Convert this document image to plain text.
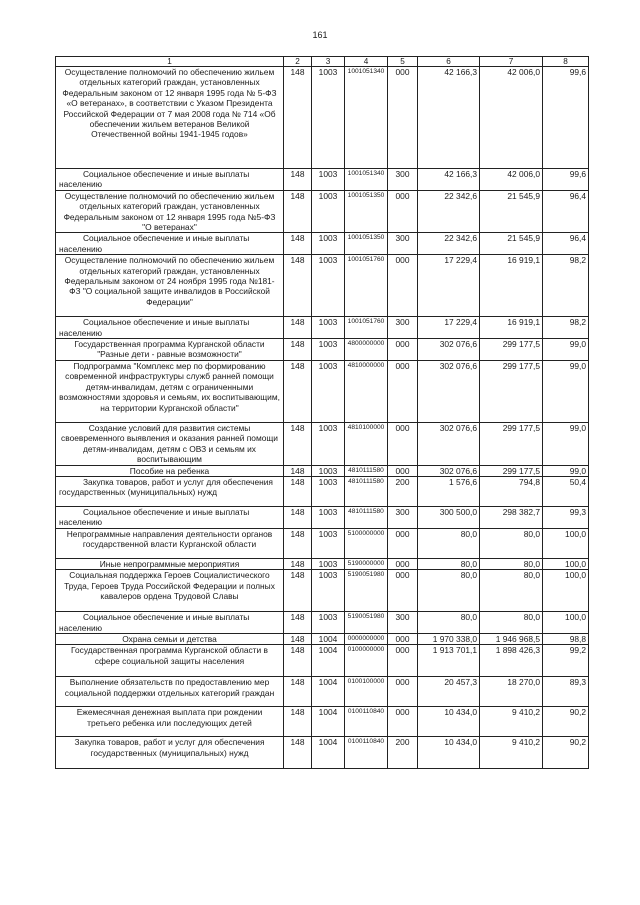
161
1	2	3	4	5	6	7	8
Осуществление полномочий по обеспечению жильем отдельных категорий граждан, установленных Федеральным законом от 12 января 1995 года № 5-ФЗ «О ветеранах», в соответствии с Указом Президента Российской Федерации от 7 мая 2008 года № 714 «Об обеспечении жильем ветеранов Великой Отечественной войны 1941-1945 годов»	148	1003	1001051340	000	42 166,3	42 006,0	99,6
Социальное обеспечение и иные выплаты населению	148	1003	1001051340	300	42 166,3	42 006,0	99,6
Осуществление полномочий по обеспечению жильем отдельных категорий граждан, установленных Федеральным законом от 12 января 1995 года №5-ФЗ "О ветеранах"	148	1003	1001051350	000	22 342,6	21 545,9	96,4
Социальное обеспечение и иные выплаты населению	148	1003	1001051350	300	22 342,6	21 545,9	96,4
Осуществление полномочий по обеспечению жильем отдельных категорий граждан, установленных Федеральным законом от 24 ноября 1995 года №181-ФЗ "О социальной защите инвалидов в Российской Федерации"	148	1003	1001051760	000	17 229,4	16 919,1	98,2
Социальное обеспечение и иные выплаты населению	148	1003	1001051760	300	17 229,4	16 919,1	98,2
Государственная программа Курганской области "Разные дети - равные возможности"	148	1003	4800000000	000	302 076,6	299 177,5	99,0
Подпрограмма "Комплекс мер по формированию современной инфраструктуры служб ранней помощи детям-инвалидам, детям с ограниченными возможностями здоровья и семьям, их воспитывающим, на территории Курганской области"	148	1003	4810000000	000	302 076,6	299 177,5	99,0
Создание условий для развития системы своевременного выявления и оказания ранней помощи детям-инвалидам, детям с ОВЗ и семьям их воспитывающим	148	1003	4810100000	000	302 076,6	299 177,5	99,0
Пособие на ребенка	148	1003	4810111580	000	302 076,6	299 177,5	99,0
Закупка товаров, работ и услуг для обеспечения государственных (муниципальных) нужд	148	1003	4810111580	200	1 576,6	794,8	50,4
Социальное обеспечение и иные выплаты населению	148	1003	4810111580	300	300 500,0	298 382,7	99,3
Непрограммные направления деятельности органов государственной власти Курганской области	148	1003	5100000000	000	80,0	80,0	100,0
Иные непрограммные мероприятия	148	1003	5190000000	000	80,0	80,0	100,0
Социальная поддержка Героев Социалистического Труда, Героев Труда Российской Федерации и полных кавалеров ордена Трудовой Славы	148	1003	5190051980	000	80,0	80,0	100,0
Социальное обеспечение и иные выплаты населению	148	1003	5190051980	300	80,0	80,0	100,0
Охрана семьи и детства	148	1004	0000000000	000	1 970 338,0	1 946 968,5	98,8
Государственная программа Курганской области в сфере социальной защиты населения	148	1004	0100000000	000	1 913 701,1	1 898 426,3	99,2
Выполнение обязательств по предоставлению мер социальной поддержки отдельных категорий граждан	148	1004	0100100000	000	20 457,3	18 270,0	89,3
Ежемесячная денежная выплата при рождении третьего ребенка или последующих детей	148	1004	0100110840	000	10 434,0	9 410,2	90,2
Закупка товаров, работ и услуг для обеспечения государственных (муниципальных) нужд	148	1004	0100110840	200	10 434,0	9 410,2	90,2
